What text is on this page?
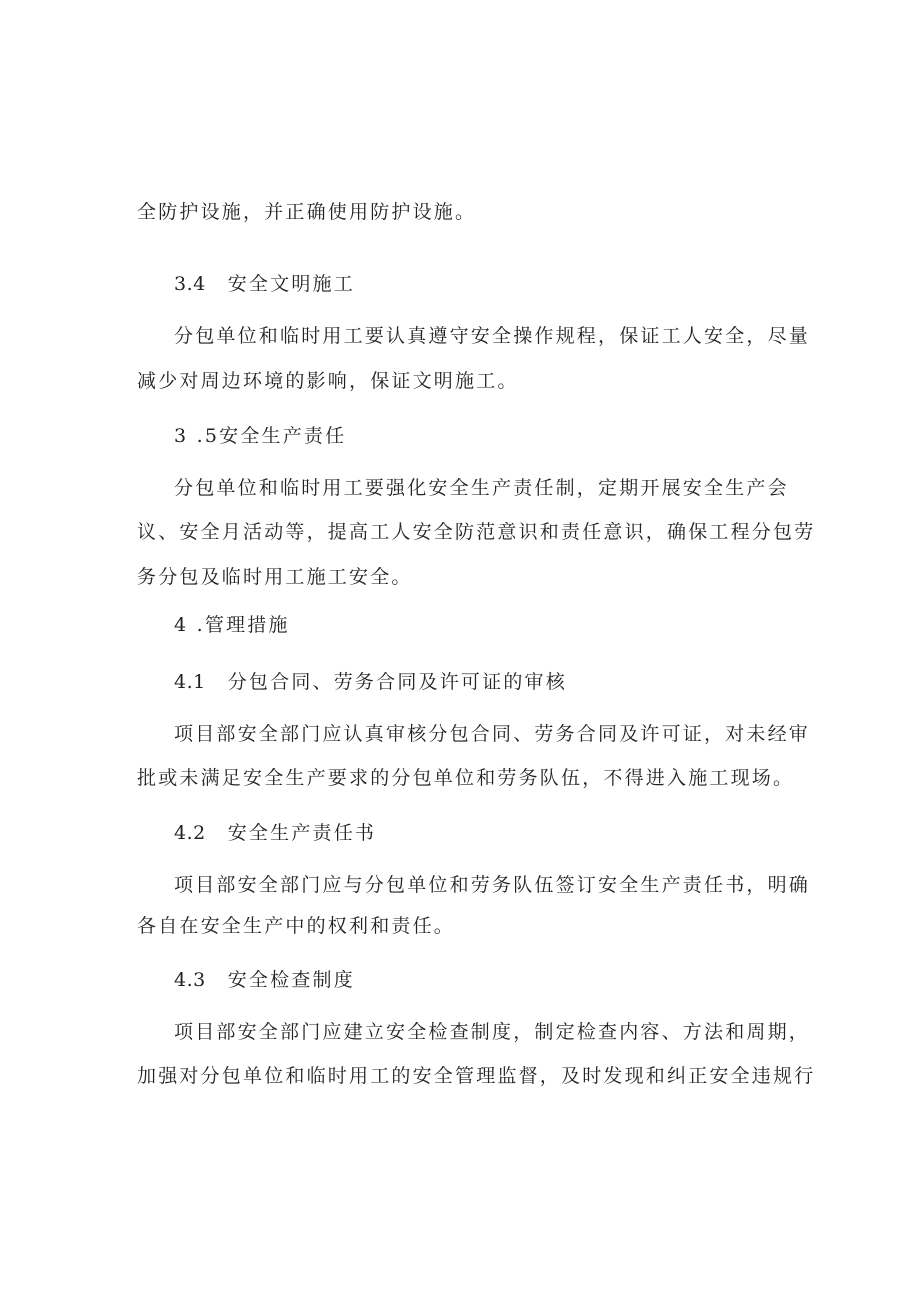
全防护设施，并正确使用防护设施。
3.4 安全文明施工
分包单位和临时用工要认真遵守安全操作规程，保证工人安全，尽量
减少对周边环境的影响，保证文明施工。
3 .5安全生产责任
分包单位和临时用工要强化安全生产责任制，定期开展安全生产会
议、安全月活动等，提高工人安全防范意识和责任意识，确保工程分包劳
务分包及临时用工施工安全。
4 .管理措施
4.1 分包合同、劳务合同及许可证的审核
项目部安全部门应认真审核分包合同、劳务合同及许可证，对未经审
批或未满足安全生产要求的分包单位和劳务队伍，不得进入施工现场。
4.2 安全生产责任书
项目部安全部门应与分包单位和劳务队伍签订安全生产责任书，明确
各自在安全生产中的权利和责任。
4.3 安全检查制度
项目部安全部门应建立安全检查制度，制定检查内容、方法和周期，
加强对分包单位和临时用工的安全管理监督，及时发现和纠正安全违规行
